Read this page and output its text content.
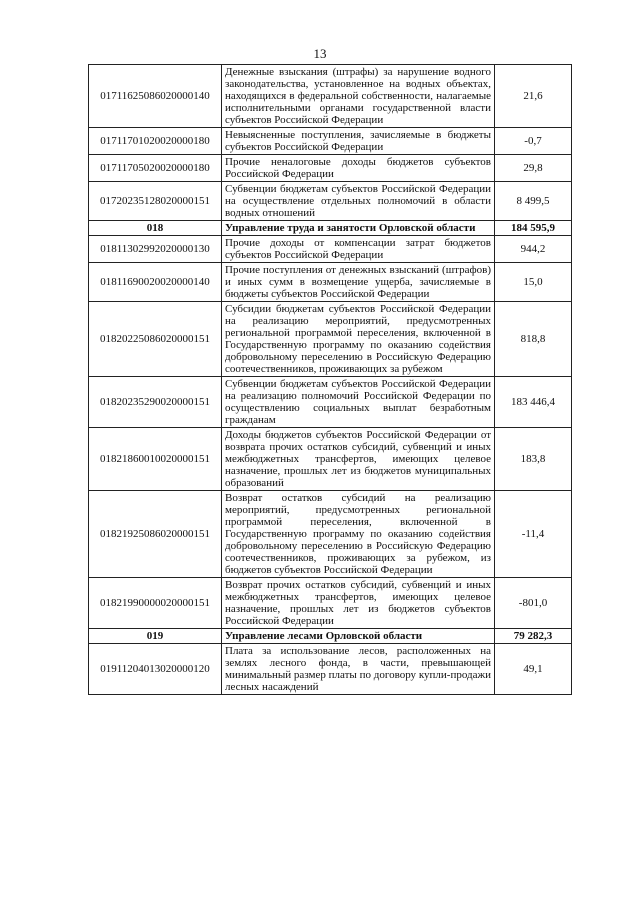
13
01711625086020000140	Денежные взыскания (штрафы) за нарушение водного законодательства, установленное на водных объектах, находящихся в федеральной собственности, налагаемые исполнительными органами государственной власти субъектов Российской Федерации	21,6
01711701020020000180	Невыясненные поступления, зачисляемые в бюджеты субъектов Российской Федерации	-0,7
01711705020020000180	Прочие неналоговые доходы бюджетов субъектов Российской Федерации	29,8
01720235128020000151	Субвенции бюджетам субъектов Российской Федерации на осуществление отдельных полномочий в области водных отношений	8 499,5
018	Управление труда и занятости Орловской области	184 595,9
01811302992020000130	Прочие доходы от компенсации затрат бюджетов субъектов Российской Федерации	944,2
01811690020020000140	Прочие поступления от денежных взысканий (штрафов) и иных сумм в возмещение ущерба, зачисляемые в бюджеты субъектов Российской Федерации	15,0
01820225086020000151	Субсидии бюджетам субъектов Российской Федерации на реализацию мероприятий, предусмотренных региональной программой переселения, включенной в Государственную программу по оказанию содействия добровольному переселению в Российскую Федерацию соотечественников, проживающих за рубежом	818,8
01820235290020000151	Субвенции бюджетам субъектов Российской Федерации на реализацию полномочий Российской Федерации по осуществлению социальных выплат безработным гражданам	183 446,4
01821860010020000151	Доходы бюджетов субъектов Российской Федерации от возврата прочих остатков субсидий, субвенций и иных межбюджетных трансфертов, имеющих целевое назначение, прошлых лет из бюджетов муниципальных образований	183,8
01821925086020000151	Возврат остатков субсидий на реализацию мероприятий, предусмотренных региональной программой переселения, включенной в Государственную программу по оказанию содействия добровольному переселению в Российскую Федерацию соотечественников, проживающих за рубежом, из бюджетов субъектов Российской Федерации	-11,4
01821990000020000151	Возврат прочих остатков субсидий, субвенций и иных межбюджетных трансфертов, имеющих целевое назначение, прошлых лет из бюджетов субъектов Российской Федерации	-801,0
019	Управление лесами Орловской области	79 282,3
01911204013020000120	Плата за использование лесов, расположенных на землях лесного фонда, в части, превышающей минимальный размер платы по договору купли-продажи лесных насаждений	49,1
